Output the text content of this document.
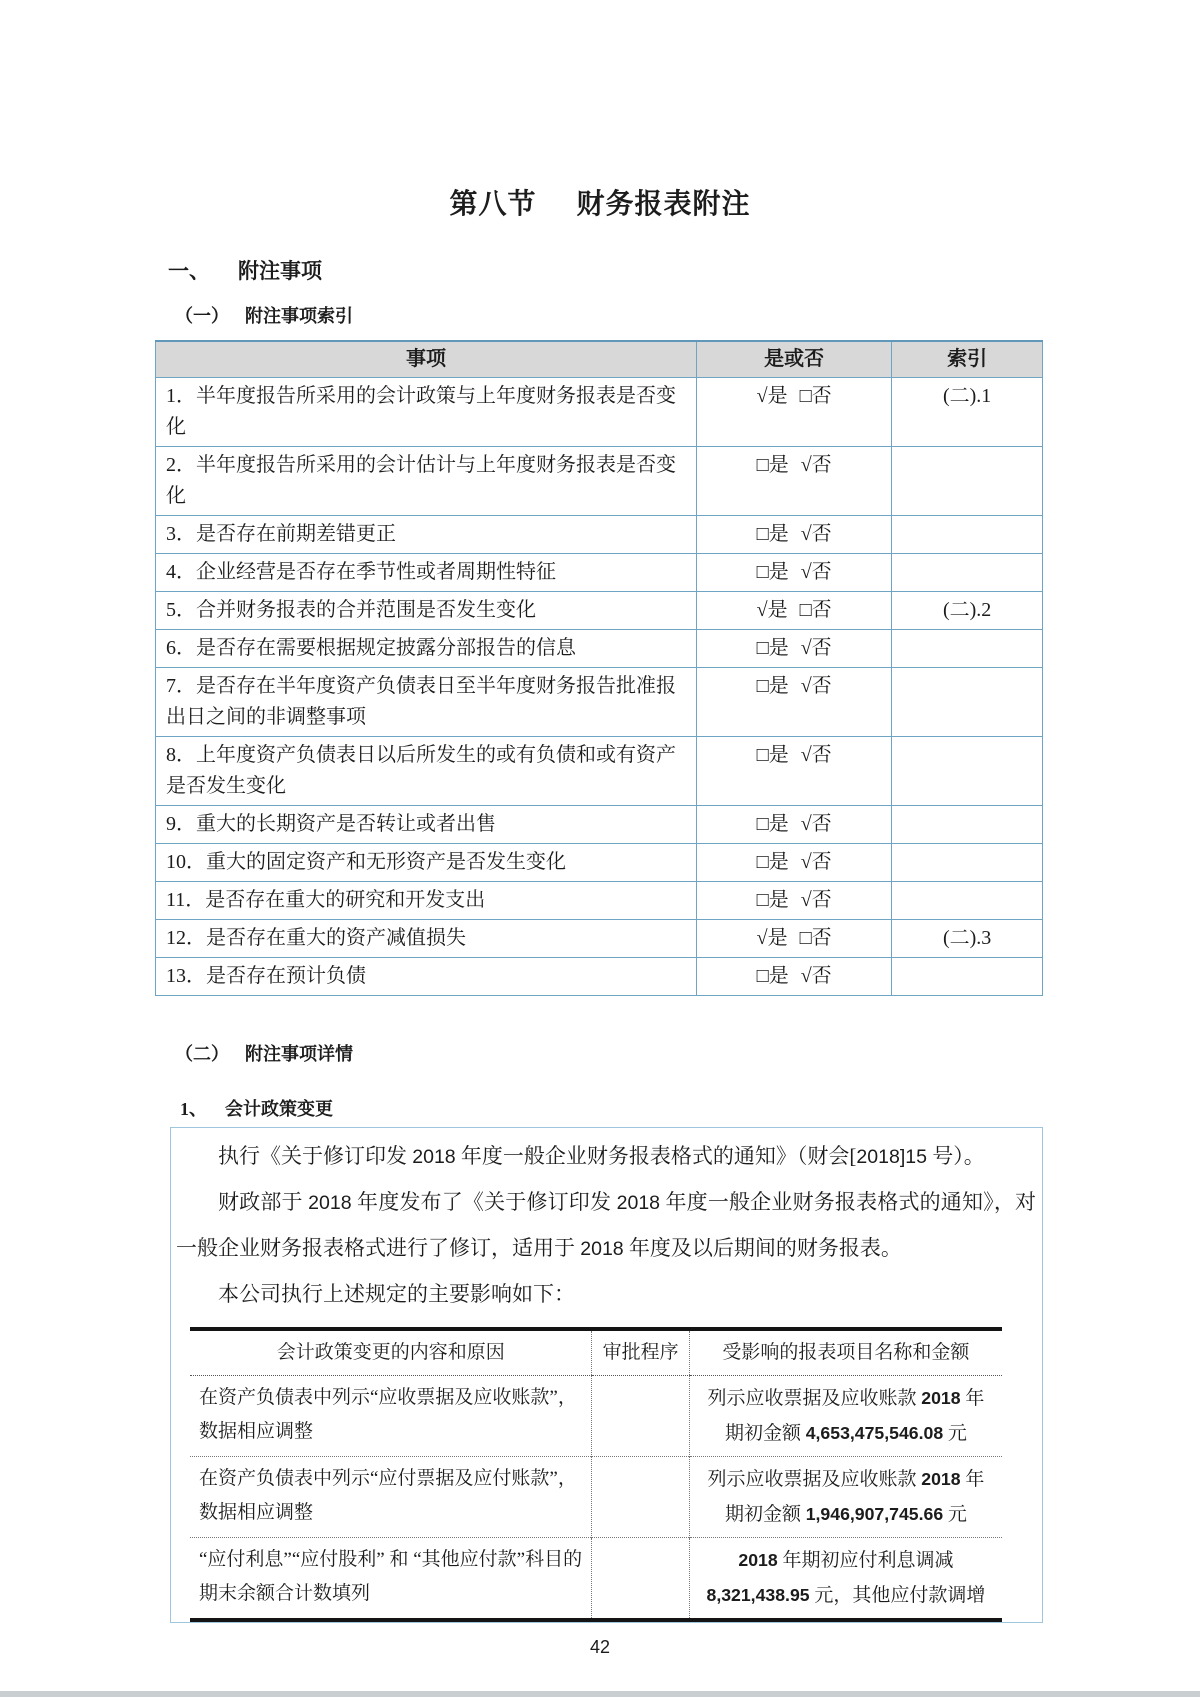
第八节 财务报表附注
一、 附注事项
（一） 附注事项索引
事项	是或否	索引
1．半年度报告所采用的会计政策与上年度财务报表是否变化	√是 □否	(二).1
2．半年度报告所采用的会计估计与上年度财务报表是否变化	□是 √否	
3．是否存在前期差错更正	□是 √否	
4．企业经营是否存在季节性或者周期性特征	□是 √否	
5．合并财务报表的合并范围是否发生变化	√是 □否	(二).2
6．是否存在需要根据规定披露分部报告的信息	□是 √否	
7．是否存在半年度资产负债表日至半年度财务报告批准报出日之间的非调整事项	□是 √否	
8．上年度资产负债表日以后所发生的或有负债和或有资产是否发生变化	□是 √否	
9．重大的长期资产是否转让或者出售	□是 √否	
10．重大的固定资产和无形资产是否发生变化	□是 √否	
11．是否存在重大的研究和开发支出	□是 √否	
12．是否存在重大的资产减值损失	√是 □否	(二).3
13．是否存在预计负债	□是 √否	
（二） 附注事项详情
1、 会计政策变更

执行《关于修订印发 2018 年度一般企业财务报表格式的通知》（财会[2018]15 号）。

财政部于 2018 年度发布了《关于修订印发 2018 年度一般企业财务报表格式的通知》，对一般企业财务报表格式进行了修订，适用于 2018 年度及以后期间的财务报表。

本公司执行上述规定的主要影响如下：

会计政策变更的内容和原因	审批程序	受影响的报表项目名称和金额
在资产负债表中列示“应收票据及应收账款”，数据相应调整		列示应收票据及应收账款 2018 年期初金额 4,653,475,546.08 元
在资产负债表中列示“应付票据及应付账款”，数据相应调整		列示应收票据及应收账款 2018 年期初金额 1,946,907,745.66 元
“应付利息”“应付股利” 和 “其他应付款”科目的期末余额合计数填列		2018 年期初应付利息调减 8,321,438.95 元，其他应付款调增
42
